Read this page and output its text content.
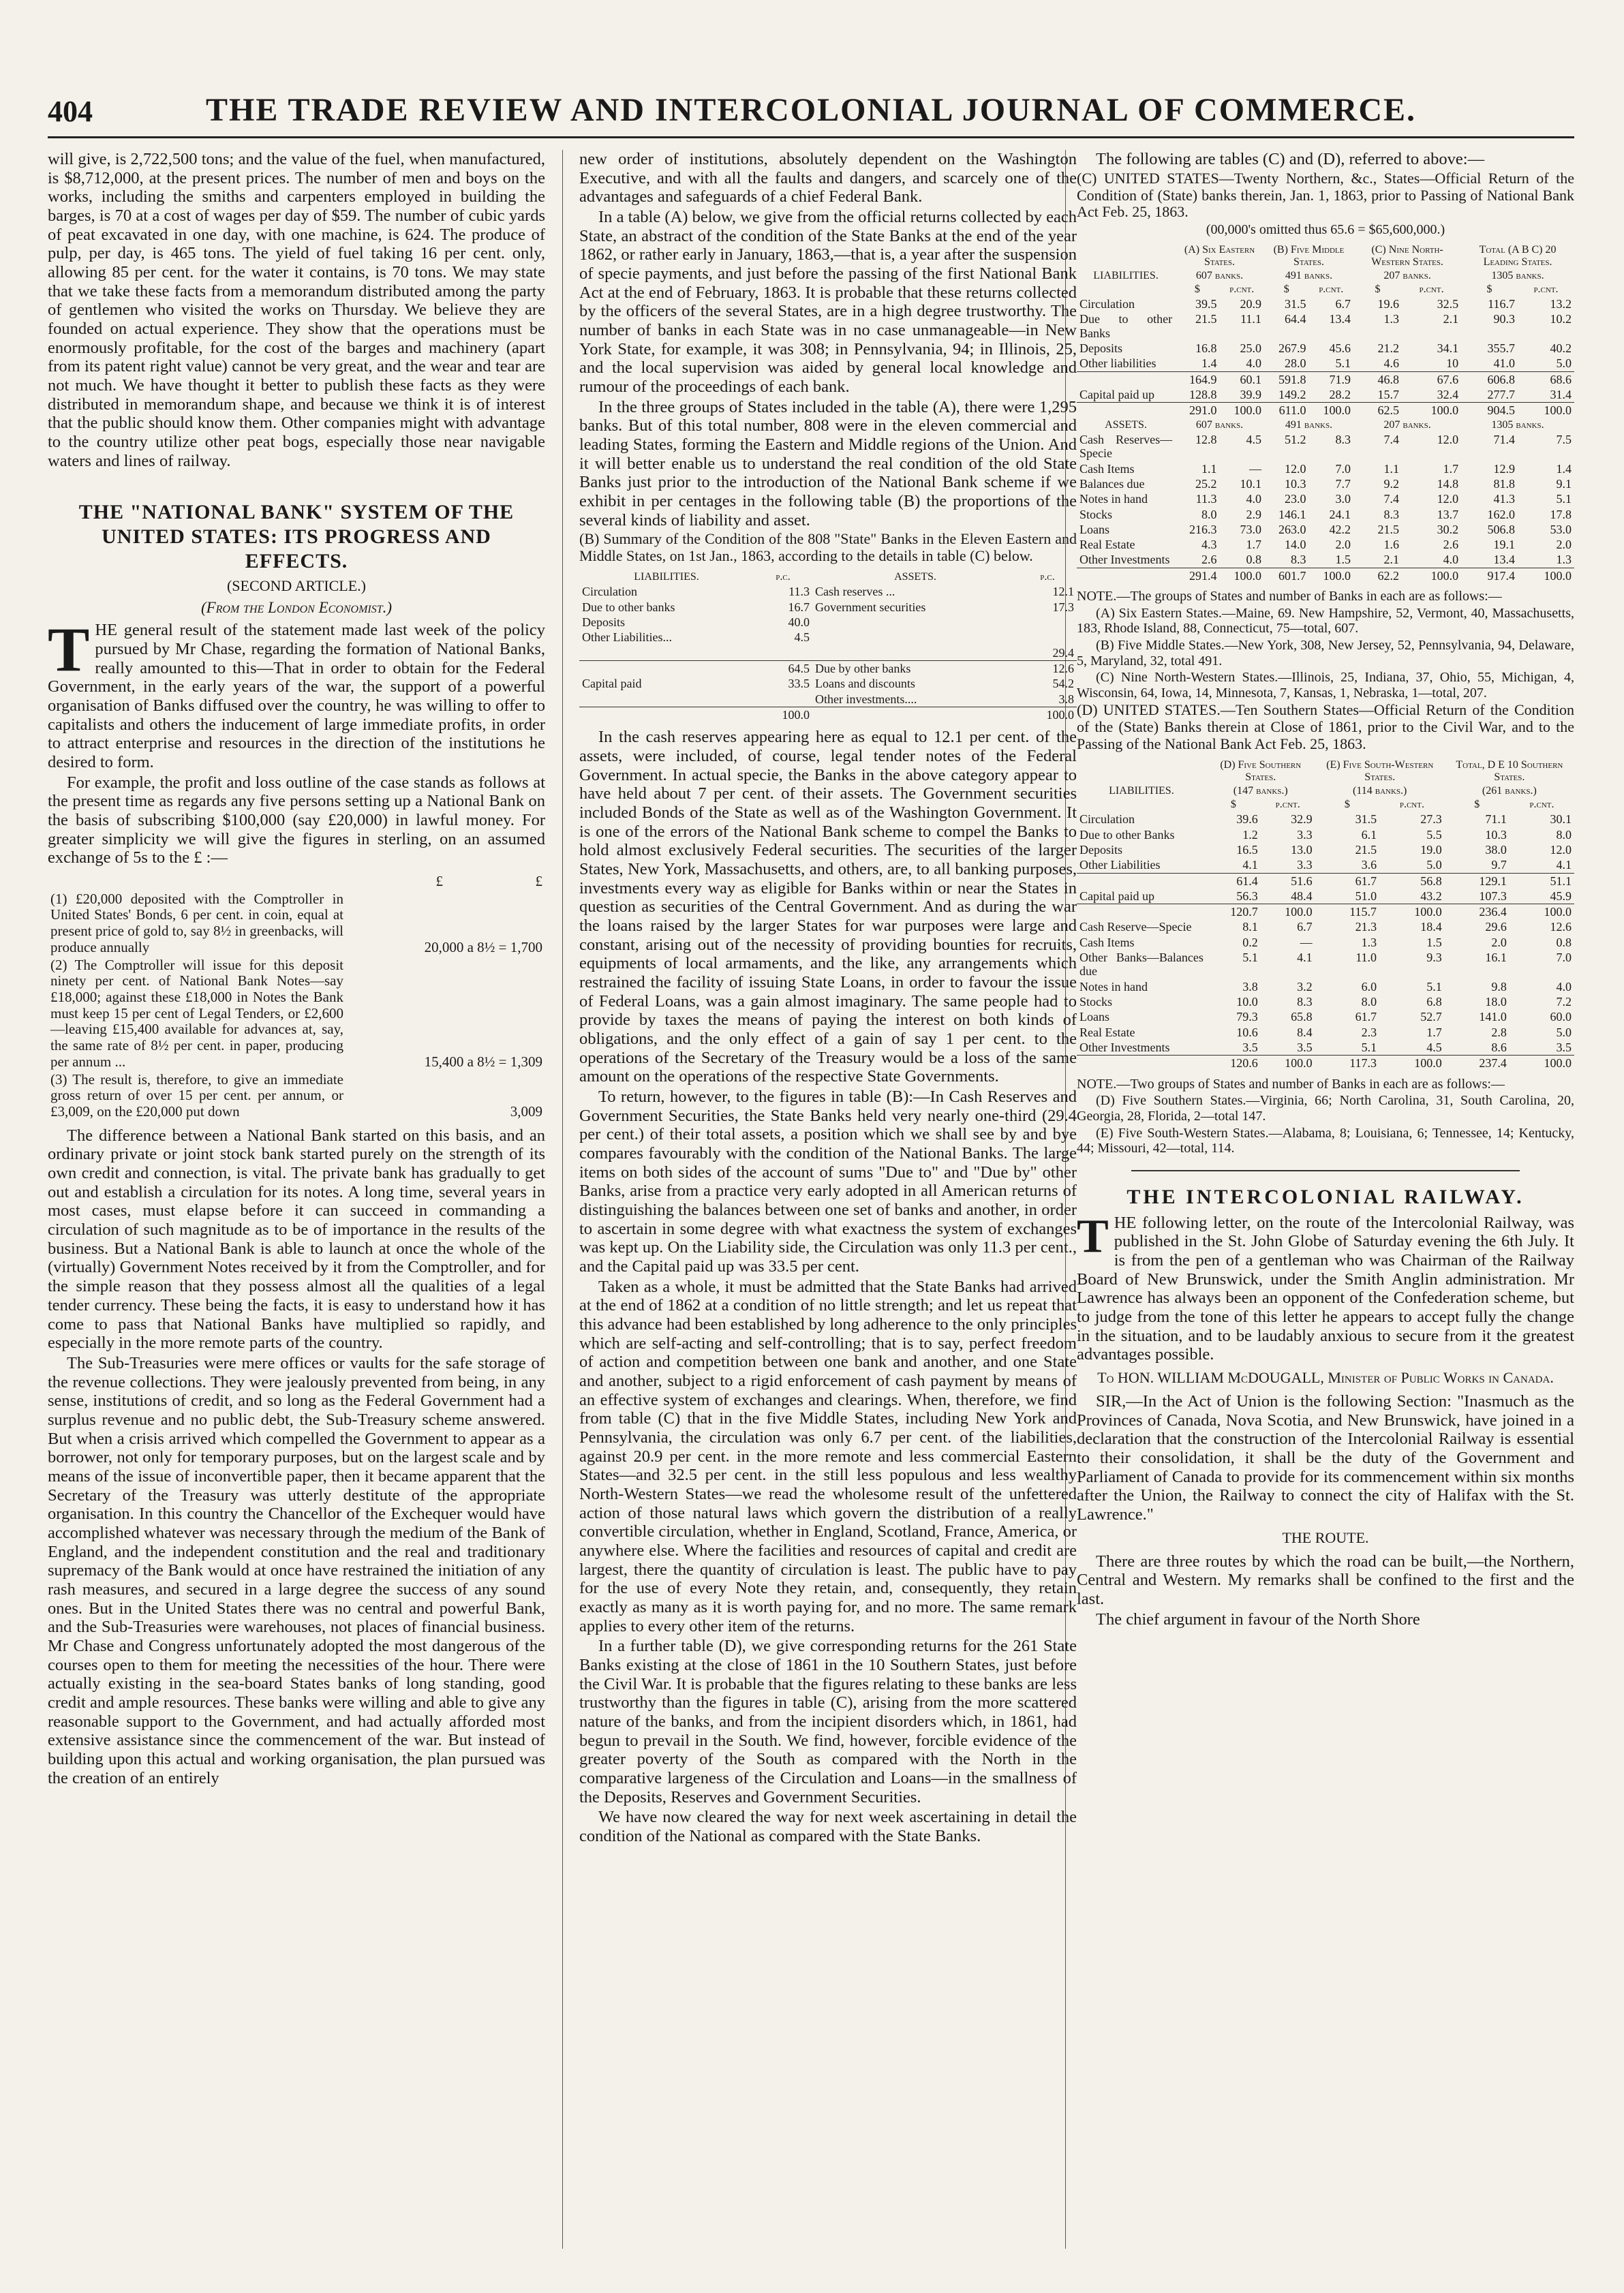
404	THE TRADE REVIEW AND INTERCOLONIAL JOURNAL OF COMMERCE.

will give, is 2,722,500 tons; and the value of the fuel, when manufactured, is $8,712,000, at the present prices. The number of men and boys on the works, including the smiths and carpenters employed in building the barges, is 70 at a cost of wages per day of $59. The number of cubic yards of peat excavated in one day, with one machine, is 624. The produce of pulp, per day, is 465 tons. The yield of fuel taking 16 per cent. only, allowing 85 per cent. for the water it contains, is 70 tons. We may state that we take these facts from a memorandum distributed among the party of gentlemen who visited the works on Thursday. We believe they are founded on actual experience. They show that the operations must be enormously profitable, for the cost of the barges and machinery (apart from its patent right value) cannot be very great, and the wear and tear are not much. We have thought it better to publish these facts as they were distributed in memorandum shape, and because we think it is of interest that the public should know them. Other companies might with advantage to the country utilize other peat bogs, especially those near navigable waters and lines of railway.

THE "NATIONAL BANK" SYSTEM OF THE UNITED STATES: ITS PROGRESS AND EFFECTS.
(SECOND ARTICLE.)
(From the London Economist.)

THE general result of the statement made last week of the policy pursued by Mr Chase, regarding the formation of National Banks, really amounted to this—That in order to obtain for the Federal Government, in the early years of the war, the support of a powerful organisation of Banks diffused over the country, he was willing to offer to capitalists and others the inducement of large immediate profits, in order to attract enterprise and resources in the direction of the institutions he desired to form.

For example, the profit and loss outline of the case stands as follows at the present time as regards any five persons setting up a National Bank on the basis of subscribing $100,000 (say £20,000) in lawful money. For greater simplicity we will give the figures in sterling, on an assumed exchange of 5s to the £ :—

	£	£
(1) £20,000 deposited with the Comptroller in United States' Bonds, 6 per cent. in coin, equal at present price of gold to, say 8½ in greenbacks, will produce annually	20,000 a 8½ = 1,700	
(2) The Comptroller will issue for this deposit ninety per cent. of National Bank Notes—say £18,000; against these £18,000 in Notes the Bank must keep 15 per cent of Legal Tenders, or £2,600—leaving £15,400 available for advances at, say, the same rate of 8½ per cent. in paper, producing per annum ...	15,400 a 8½ = 1,309	
(3) The result is, therefore, to give an immediate gross return of over 15 per cent. per annum, or £3,009, on the £20,000 put down	3,009	

The difference between a National Bank started on this basis, and an ordinary private or joint stock bank started purely on the strength of its own credit and connection, is vital. The private bank has gradually to get out and establish a circulation for its notes. A long time, several years in most cases, must elapse before it can succeed in commanding a circulation of such magnitude as to be of importance in the results of the business. But a National Bank is able to launch at once the whole of the (virtually) Government Notes received by it from the Comptroller, and for the simple reason that they possess almost all the qualities of a legal tender currency. These being the facts, it is easy to understand how it has come to pass that National Banks have multiplied so rapidly, and especially in the more remote parts of the country.

The Sub-Treasuries were mere offices or vaults for the safe storage of the revenue collections. They were jealously prevented from being, in any sense, institutions of credit, and so long as the Federal Government had a surplus revenue and no public debt, the Sub-Treasury scheme answered. But when a crisis arrived which compelled the Government to appear as a borrower, not only for temporary purposes, but on the largest scale and by means of the issue of inconvertible paper, then it became apparent that the Secretary of the Treasury was utterly destitute of the appropriate organisation. In this country the Chancellor of the Exchequer would have accomplished whatever was necessary through the medium of the Bank of England, and the independent constitution and the real and traditionary supremacy of the Bank would at once have restrained the initiation of any rash measures, and secured in a large degree the success of any sound ones. But in the United States there was no central and powerful Bank, and the Sub-Treasuries were warehouses, not places of financial business. Mr Chase and Congress unfortunately adopted the most dangerous of the courses open to them for meeting the necessities of the hour. There were actually existing in the sea-board States banks of long standing, good credit and ample resources. These banks were willing and able to give any reasonable support to the Government, and had actually afforded most extensive assistance since the commencement of the war. But instead of building upon this actual and working organisation, the plan pursued was the creation of an entirely

new order of institutions, absolutely dependent on the Washington Executive, and with all the faults and dangers, and scarcely one of the advantages and safeguards of a chief Federal Bank.

In a table (A) below, we give from the official returns collected by each State, an abstract of the condition of the State Banks at the end of the year 1862, or rather early in January, 1863,—that is, a year after the suspension of specie payments, and just before the passing of the first National Bank Act at the end of February, 1863. It is probable that these returns collected by the officers of the several States, are in a high degree trustworthy. The number of banks in each State was in no case unmanageable—in New York State, for example, it was 308; in Pennsylvania, 94; in Illinois, 25, and the local supervision was aided by general local knowledge and rumour of the proceedings of each bank.

In the three groups of States included in the table (A), there were 1,295 banks. But of this total number, 808 were in the eleven commercial and leading States, forming the Eastern and Middle regions of the Union. And it will better enable us to understand the real condition of the old State Banks just prior to the introduction of the National Bank scheme if we exhibit in per centages in the following table (B) the proportions of the several kinds of liability and asset.

(B) Summary of the Condition of the 808 "State" Banks in the Eleven Eastern and Middle States, on 1st Jan., 1863, according to the details in table (C) below.

LIABILITIES.	p.c.	ASSETS.	p.c.
Circulation	11.3	Cash reserves ...	12.1
Due to other banks	16.7	Government securities	17.3
Deposits	40.0		
Other Liabilities...	4.5		
			29.4
	64.5	Due by other banks	12.6
Capital paid	33.5	Loans and discounts	54.2
		Other investments....	3.8
	100.0		100.0

In the cash reserves appearing here as equal to 12.1 per cent. of the assets, were included, of course, legal tender notes of the Federal Government. In actual specie, the Banks in the above category appear to have held about 7 per cent. of their assets. The Government securities included Bonds of the State as well as of the Washington Government. It is one of the errors of the National Bank scheme to compel the Banks to hold almost exclusively Federal securities. The securities of the larger States, New York, Massachusetts, and others, are, to all banking purposes, investments every way as eligible for Banks within or near the States in question as securities of the Central Government. And as during the war the loans raised by the larger States for war purposes were large and constant, arising out of the necessity of providing bounties for recruits, equipments of local armaments, and the like, any arrangements which restrained the facility of issuing State Loans, in order to favour the issue of Federal Loans, was a gain almost imaginary. The same people had to provide by taxes the means of paying the interest on both kinds of obligations, and the only effect of a gain of say 1 per cent. to the operations of the Secretary of the Treasury would be a loss of the same amount on the operations of the respective State Governments.

To return, however, to the figures in table (B):—In Cash Reserves and Government Securities, the State Banks held very nearly one-third (29.4 per cent.) of their total assets, a position which we shall see by and bye compares favourably with the condition of the National Banks. The large items on both sides of the account of sums "Due to" and "Due by" other Banks, arise from a practice very early adopted in all American returns of distinguishing the balances between one set of banks and another, in order to ascertain in some degree with what exactness the system of exchanges was kept up. On the Liability side, the Circulation was only 11.3 per cent., and the Capital paid up was 33.5 per cent.

Taken as a whole, it must be admitted that the State Banks had arrived at the end of 1862 at a condition of no little strength; and let us repeat that this advance had been established by long adherence to the only principles which are self-acting and self-controlling; that is to say, perfect freedom of action and competition between one bank and another, and one State and another, subject to a rigid enforcement of cash payment by means of an effective system of exchanges and clearings. When, therefore, we find from table (C) that in the five Middle States, including New York and Pennsylvania, the circulation was only 6.7 per cent. of the liabilities, against 20.9 per cent. in the more remote and less commercial Eastern States—and 32.5 per cent. in the still less populous and less wealthy North-Western States—we read the wholesome result of the unfettered action of those natural laws which govern the distribution of a really convertible circulation, whether in England, Scotland, France, America, or anywhere else. Where the facilities and resources of capital and credit are largest, there the quantity of circulation is least. The public have to pay for the use of every Note they retain, and, consequently, they retain exactly as many as it is worth paying for, and no more. The same remark applies to every other item of the returns.

In a further table (D), we give corresponding returns for the 261 State Banks existing at the close of 1861 in the 10 Southern States, just before the Civil War. It is probable that the figures relating to these banks are less trustworthy than the figures in table (C), arising from the more scattered nature of the banks, and from the incipient disorders which, in 1861, had begun to prevail in the South. We find, however, forcible evidence of the greater poverty of the South as compared with the North in the comparative largeness of the Circulation and Loans—in the smallness of the Deposits, Reserves and Government Securities.

We have now cleared the way for next week ascertaining in detail the condition of the National as compared with the State Banks.

The following are tables (C) and (D), referred to above:—

(C) UNITED STATES—Twenty Northern, &c., States—Official Return of the Condition of (State) banks therein, Jan. 1, 1863, prior to Passing of National Bank Act Feb. 25, 1863.

(00,000's omitted thus 65.6 = $65,600,000.)

	(A) Six Eastern States.		(B) Five Middle States.		(C) Nine North-Western States.		Total (A B C) 20 Leading States.	
LIABILITIES.	607 banks.		491 banks.		207 banks.		1305 banks.	
	$	p.cnt.	$	p.cnt.	$	p.cnt.	$	p.cnt.
Circulation	39.5	20.9	31.5	6.7	19.6	32.5	116.7	13.2
Due to other Banks	21.5	11.1	64.4	13.4	1.3	2.1	90.3	10.2
Deposits	16.8	25.0	267.9	45.6	21.2	34.1	355.7	40.2
Other liabilities	1.4	4.0	28.0	5.1	4.6	10	41.0	5.0
	164.9	60.1	591.8	71.9	46.8	67.6	606.8	68.6
Capital paid up	128.8	39.9	149.2	28.2	15.7	32.4	277.7	31.4
	291.0	100.0	611.0	100.0	62.5	100.0	904.5	100.0
ASSETS.	607 banks.		491 banks.		207 banks.		1305 banks.	
Cash Reserves—Specie	12.8	4.5	51.2	8.3	7.4	12.0	71.4	7.5
Cash Items	1.1	—	12.0	7.0	1.1	1.7	12.9	1.4
Balances due	25.2	10.1	10.3	7.7	9.2	14.8	81.8	9.1
Notes in hand	11.3	4.0	23.0	3.0	7.4	12.0	41.3	5.1
Stocks	8.0	2.9	146.1	24.1	8.3	13.7	162.0	17.8
Loans	216.3	73.0	263.0	42.2	21.5	30.2	506.8	53.0
Real Estate	4.3	1.7	14.0	2.0	1.6	2.6	19.1	2.0
Other Investments	2.6	0.8	8.3	1.5	2.1	4.0	13.4	1.3
	291.4	100.0	601.7	100.0	62.2	100.0	917.4	100.0

NOTE.—The groups of States and number of Banks in each are as follows:—

(A) Six Eastern States.—Maine, 69. New Hampshire, 52, Vermont, 40, Massachusetts, 183, Rhode Island, 88, Connecticut, 75—total, 607.

(B) Five Middle States.—New York, 308, New Jersey, 52, Pennsylvania, 94, Delaware, 5, Maryland, 32, total 491.

(C) Nine North-Western States.—Illinois, 25, Indiana, 37, Ohio, 55, Michigan, 4, Wisconsin, 64, Iowa, 14, Minnesota, 7, Kansas, 1, Nebraska, 1—total, 207.

(D) UNITED STATES.—Ten Southern States—Official Return of the Condition of the (State) Banks therein at Close of 1861, prior to the Civil War, and to the Passing of the National Bank Act Feb. 25, 1863.

	(D) Five Southern States.		(E) Five South-Western States.		Total, D E 10 Southern States.	
LIABILITIES.	(147 banks.)		(114 banks.)		(261 banks.)	
	$	p.cnt.	$	p.cnt.	$	p.cnt.
Circulation	39.6	32.9	31.5	27.3	71.1	30.1
Due to other Banks	1.2	3.3	6.1	5.5	10.3	8.0
Deposits	16.5	13.0	21.5	19.0	38.0	12.0
Other Liabilities	4.1	3.3	3.6	5.0	9.7	4.1
	61.4	51.6	61.7	56.8	129.1	51.1
Capital paid up	56.3	48.4	51.0	43.2	107.3	45.9
	120.7	100.0	115.7	100.0	236.4	100.0
Cash Reserve—Specie	8.1	6.7	21.3	18.4	29.6	12.6
Cash Items	0.2	—	1.3	1.5	2.0	0.8
Other Banks—Balances due	5.1	4.1	11.0	9.3	16.1	7.0
Notes in hand	3.8	3.2	6.0	5.1	9.8	4.0
Stocks	10.0	8.3	8.0	6.8	18.0	7.2
Loans	79.3	65.8	61.7	52.7	141.0	60.0
Real Estate	10.6	8.4	2.3	1.7	2.8	5.0
Other Investments	3.5	3.5	5.1	4.5	8.6	3.5
	120.6	100.0	117.3	100.0	237.4	100.0

NOTE.—Two groups of States and number of Banks in each are as follows:—

(D) Five Southern States.—Virginia, 66; North Carolina, 31, South Carolina, 20, Georgia, 28, Florida, 2—total 147.

(E) Five South-Western States.—Alabama, 8; Louisiana, 6; Tennessee, 14; Kentucky, 44; Missouri, 42—total, 114.

THE INTERCOLONIAL RAILWAY.

THE following letter, on the route of the Intercolonial Railway, was published in the St. John Globe of Saturday evening the 6th July. It is from the pen of a gentleman who was Chairman of the Railway Board of New Brunswick, under the Smith Anglin administration. Mr Lawrence has always been an opponent of the Confederation scheme, but to judge from the tone of this letter he appears to accept fully the change in the situation, and to be laudably anxious to secure from it the greatest advantages possible.

To HON. WILLIAM McDOUGALL, Minister of Public Works in Canada.

SIR,—In the Act of Union is the following Section: "Inasmuch as the Provinces of Canada, Nova Scotia, and New Brunswick, have joined in a declaration that the construction of the Intercolonial Railway is essential to their consolidation, it shall be the duty of the Government and Parliament of Canada to provide for its commencement within six months after the Union, the Railway to connect the city of Halifax with the St. Lawrence."

THE ROUTE.

There are three routes by which the road can be built,—the Northern, Central and Western. My remarks shall be confined to the first and the last.

The chief argument in favour of the North Shore
